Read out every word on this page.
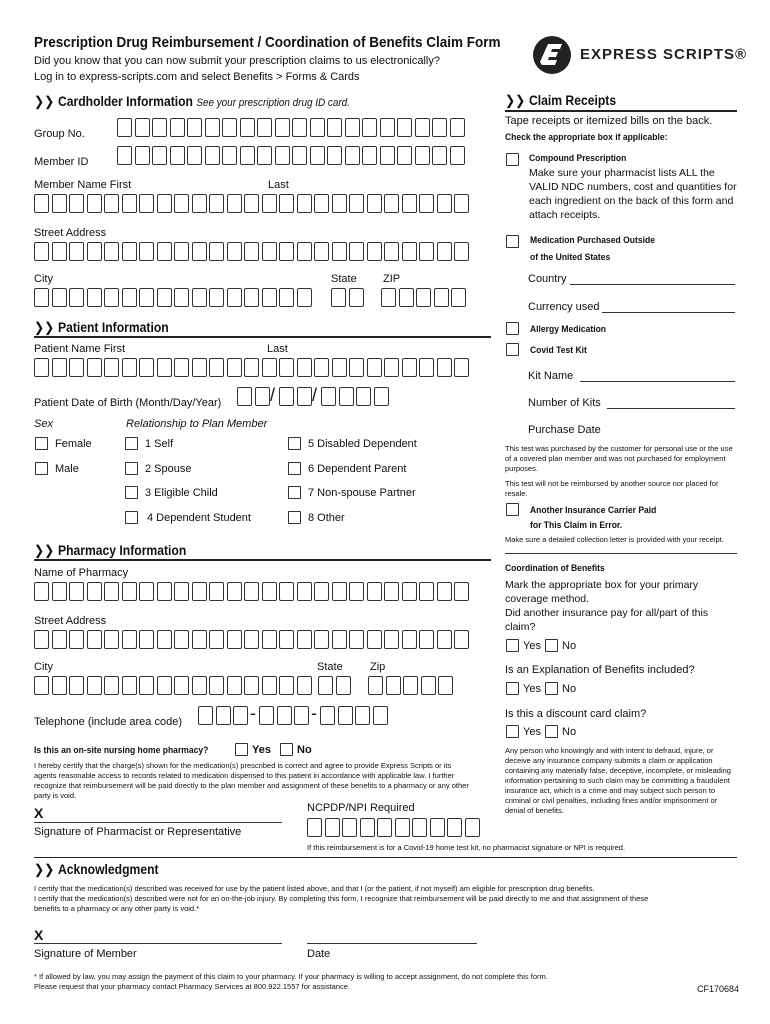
Prescription Drug Reimbursement / Coordination of Benefits Claim Form
Did you know that you can now submit your prescription claims to us electronically?
Log in to express-scripts.com and select Benefits > Forms & Cards
EXPRESS SCRIPTS®
❯❯ Cardholder Information See your prescription drug ID card.
Group No.
Member ID
Member Name First	Last
Street Address
City	State ZIP
❯❯ Patient Information
Patient Name First	Last
Patient Date of Birth (Month/Day/Year)	/ /
Sex	Relationship to Plan Member
Female
Male
1 Self
2 Spouse
3 Eligible Child
4 Dependent Student
5 Disabled Dependent
6 Dependent Parent
7 Non-spouse Partner
8 Other
❯❯ Pharmacy Information
Name of Pharmacy
Street Address
City	State Zip
Telephone (include area code)	-	-
Is this an on-site nursing home pharmacy?	Yes No
I hereby certify that the charge(s) shown for the medication(s) prescribed is correct and agree to provide Express Scripts or its agents reasonable access to records related to medication dispensed to this patient in accordance with applicable law. I further recognize that reimbursement will be paid directly to the plan member and assignment of these benefits to a pharmacy or any other party is void.
X
Signature of Pharmacist or Representative
NCPDP/NPI Required
If this reimbursement is for a Covid-19 home test kit, no pharmacist signature or NPI is required.
❯❯ Claim Receipts
Tape receipts or itemized bills on the back.
Check the appropriate box if applicable:
Compound Prescription
Make sure your pharmacist lists ALL the VALID NDC numbers, cost and quantities for each ingredient on the back of this form and attach receipts.
Medication Purchased Outside
of the United States
Country
Currency used
Allergy Medication
Covid Test Kit
Kit Name
Number of Kits
Purchase Date
This test was purchased by the customer for personal use or the use of a covered plan member and was not purchased for employment purposes.
This test will not be reimbursed by another source nor placed for resale.
Another Insurance Carrier Paid
for This Claim in Error.
Make sure a detailed collection letter is provided with your receipt.
Coordination of Benefits
Mark the appropriate box for your primary coverage method.
Did another insurance pay for all/part of this claim?
Yes No
Is an Explanation of Benefits included?
Yes No
Is this a discount card claim?
Yes No
Any person who knowingly and with intent to defraud, injure, or deceive any insurance company submits a claim or application containing any materially false, deceptive, incomplete, or misleading information pertaining to such claim may be committing a fraudulent insurance act, which is a crime and may subject such person to criminal or civil penalties, including fines and/or imprisonment or denial of benefits.
❯❯ Acknowledgment
I certify that the medication(s) described was received for use by the patient listed above, and that I (or the patient, if not myself) am eligible for prescription drug benefits.
I certify that the medication(s) described were not for an on-the-job injury. By completing this form, I recognize that reimbursement will be paid directly to me and that assignment of these benefits to a pharmacy or any other party is void.*
X
Signature of Member	Date
* If allowed by law, you may assign the payment of this claim to your pharmacy. If your pharmacy is willing to accept assignment, do not complete this form.
Please request that your pharmacy contact Pharmacy Services at 800.922.1557 for assistance.	CF170684
